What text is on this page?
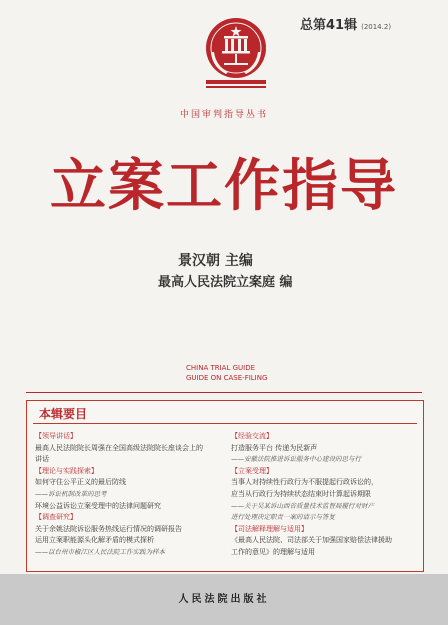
总第41辑 (2014.2)
中国审判指导丛书
立案工作指导
景汉朝 主编
最高人民法院立案庭 编
CHINA TRIAL GUIDE
GUIDE ON CASE-FILING
本辑要目
【领导讲话】
最高人民法院院长周强在全国高级法院院长座谈会上的
讲话
【理论与实践探索】
如何守住公平正义的最后防线
——诉讼机制改革的思考
环境公益诉讼立案受理中的法律问题研究
【调查研究】
关于余姚法院诉讼服务热线运行情况的调研报告
运用立案职能源头化解矛盾的模式探析
——以台州市椒江区人民法院工作实践为样本
【经验交流】
打造服务平台 传递为民新声
——安徽法院推进诉讼服务中心建设的思与行
【立案受理】
当事人对持续性行政行为不服提起行政诉讼的，
应当从行政行为持续状态结束时计算起诉期限
——关于吴某诉山西省质量技术监督局履行对财产
进行处理决定职责一案的请示与答复
【司法解释理解与适用】
《最高人民法院、司法部关于加强国家赔偿法律援助
工作的意见》的理解与适用
人民法院出版社
